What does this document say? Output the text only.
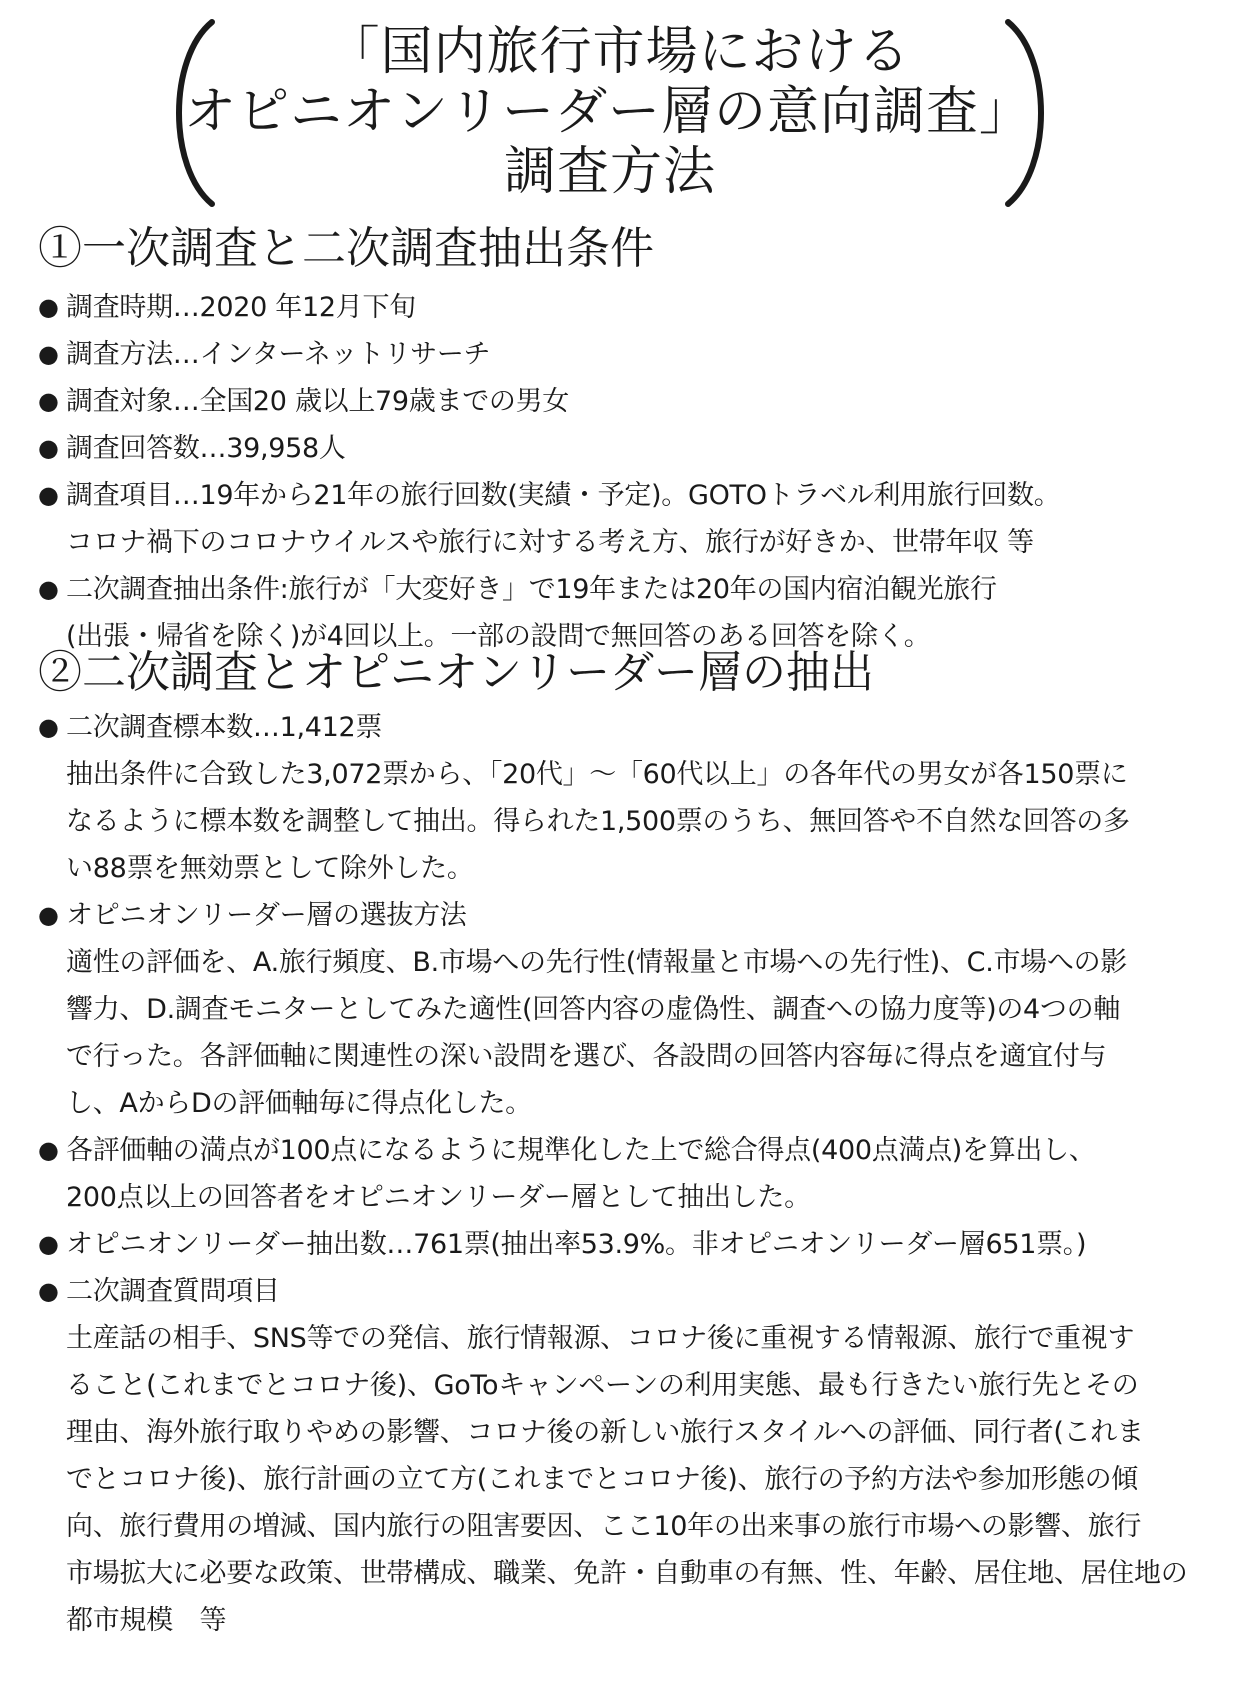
「国内旅行市場における
オピニオンリーダー層の意向調査」
調査方法
①一次調査と二次調査抽出条件
● 調査時期…2020 年12月下旬
● 調査方法…インターネットリサーチ
● 調査対象…全国20 歳以上79歳までの男女
● 調査回答数…39,958人
● 調査項目…19年から21年の旅行回数(実績・予定)。GOTOトラベル利用旅行回数。
コロナ禍下のコロナウイルスや旅行に対する考え方、旅行が好きか、世帯年収 等
● 二次調査抽出条件:旅行が「大変好き」で19年または20年の国内宿泊観光旅行
(出張・帰省を除く)が4回以上。一部の設問で無回答のある回答を除く。
②二次調査とオピニオンリーダー層の抽出
● 二次調査標本数…1,412票
抽出条件に合致した3,072票から、「20代」〜「60代以上」の各年代の男女が各150票に
なるように標本数を調整して抽出。得られた1,500票のうち、無回答や不自然な回答の多
い88票を無効票として除外した。
● オピニオンリーダー層の選抜方法
適性の評価を、A.旅行頻度、B.市場への先行性(情報量と市場への先行性)、C.市場への影
響力、D.調査モニターとしてみた適性(回答内容の虚偽性、調査への協力度等)の4つの軸
で行った。各評価軸に関連性の深い設問を選び、各設問の回答内容毎に得点を適宜付与
し、AからDの評価軸毎に得点化した。
● 各評価軸の満点が100点になるように規準化した上で総合得点(400点満点)を算出し、
200点以上の回答者をオピニオンリーダー層として抽出した。
● オピニオンリーダー抽出数…761票(抽出率53.9%。非オピニオンリーダー層651票。)
● 二次調査質問項目
土産話の相手、SNS等での発信、旅行情報源、コロナ後に重視する情報源、旅行で重視す
ること(これまでとコロナ後)、GoToキャンペーンの利用実態、最も行きたい旅行先とその
理由、海外旅行取りやめの影響、コロナ後の新しい旅行スタイルへの評価、同行者(これま
でとコロナ後)、旅行計画の立て方(これまでとコロナ後)、旅行の予約方法や参加形態の傾
向、旅行費用の増減、国内旅行の阻害要因、ここ10年の出来事の旅行市場への影響、旅行
市場拡大に必要な政策、世帯構成、職業、免許・自動車の有無、性、年齢、居住地、居住地の
都市規模　等
